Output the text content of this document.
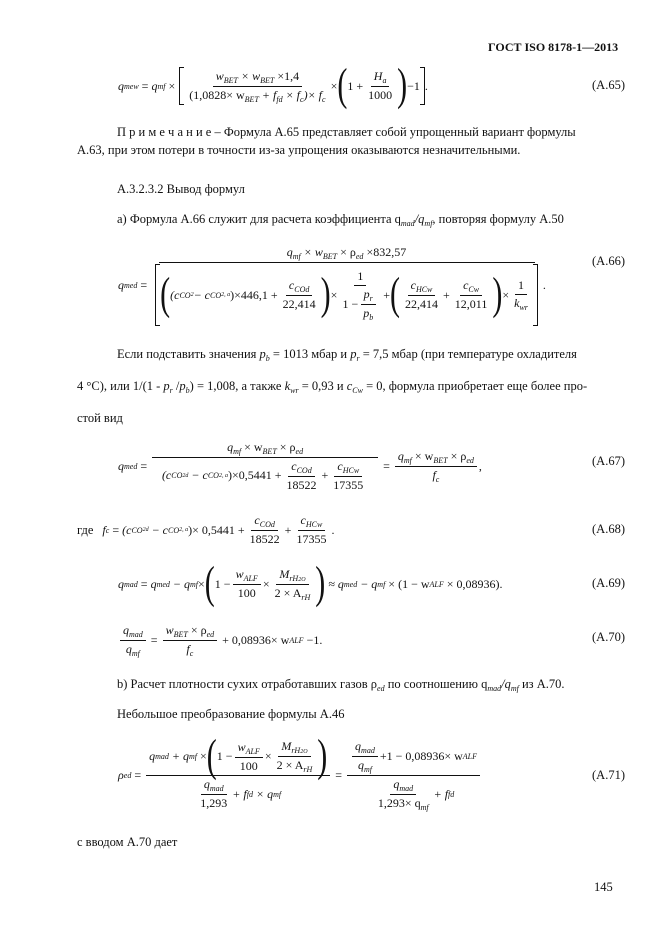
ГОСТ ISO 8178-1—2013
q mew
=
q mf × $\frac{w_{BET} \times w_{BET} \times 1,4}{(1,0828\times w_{BET} + f_{fd} \times f_c)\times f_c}$ × ( $1 + \frac{H_a}{1000}$ ) −1 .	(A.65)
П р и м е ч а н и е – Формула A.65 представляет собой упрощенный вариант формулы A.63, при этом потери в точности из-за упрощения оказываются незначительными.
A.3.2.3.2 Вывод формул
a) Формула A.66 служит для расчета коэффициента $q_{mad}/q_{mf}$, повторяя формулу A.50
q med =
$q_{mf} \times w_{BET} \times \rho_{ed} \times 832,57$
( (c CO 2 − c CO 2, a )$\times 446,1 + \frac{c_{COd}}{22,414}$ ) × $\frac{1}{1 - \frac{p_r}{p_b}}$ + ( $\frac{c_{HCw}}{22,414} + \frac{c_{Cw}}{12,011}$ ) × $\frac{1}{k_{wr}}$ .
(A.66)
Если подставить значения $p_b = 1013$ мбар и $p_r = 7,5$ мбар (при температуре охладителя
4 °C), или $1/(1 - p_r$ $/p_b) = 1,008$, а также $k_{wr} = 0,93$ и $c_{Cw} = 0$, формула приобретает еще более про-
стой вид
q med = $q_{mf} \times w_{BET} \times \rho_{ed}$
(c CO 2d
− c CO 2, a )$\times 0,5441 + \frac{c_{COd}}{18522} + \frac{c_{HCw}}{17355} = \frac{q_{mf} \times w_{BET} \times \rho_{ed}}{f_c}$ ,	(A.67)
где
f c
=
(c CO 2d
− c CO 2, a )× $0,5441 + \frac{c_{COd}}{18522} + \frac{c_{HCw}}{17355}$ .	(A.68)
q mad
=
q med
− q mf × ( $1 - \frac{w_{ALF}}{100} \times \frac{M_{rH2O}}{2 \times A_{rH}}$ )
≈ q med
− q mf
×
(1 − w ALF
× 0,08936).	(A.69)
$\frac{q_{mad}}{q_{mf}}$
=
$\frac{w_{BET} \times \rho_{ed}}{f_c}$
+ 0,08936× w ALF
−1.	(A.70)
b) Расчет плотности сухих отработавших газов $\rho_{ed}$ по соотношению $q_{mad}/q_{mf}$ из A.70.
Небольшое преобразование формулы A.46
ρ ed
=

q mad
+ q mf
× ( $1 - \frac{w_{ALF}}{100} \times \frac{M_{rH2O}}{2 \times A_{rH}}$ )
$\frac{q_{mad}}{1,293} + f$ fd
× q mf

=
$\frac{\frac{q_{mad}}{q_{mf}} +1 - 0,08936\times w ALF}{\frac{q_{mad}}{1,293\times q_{mf}} + f fd}$	(A.71)
с вводом A.70 дает
145
